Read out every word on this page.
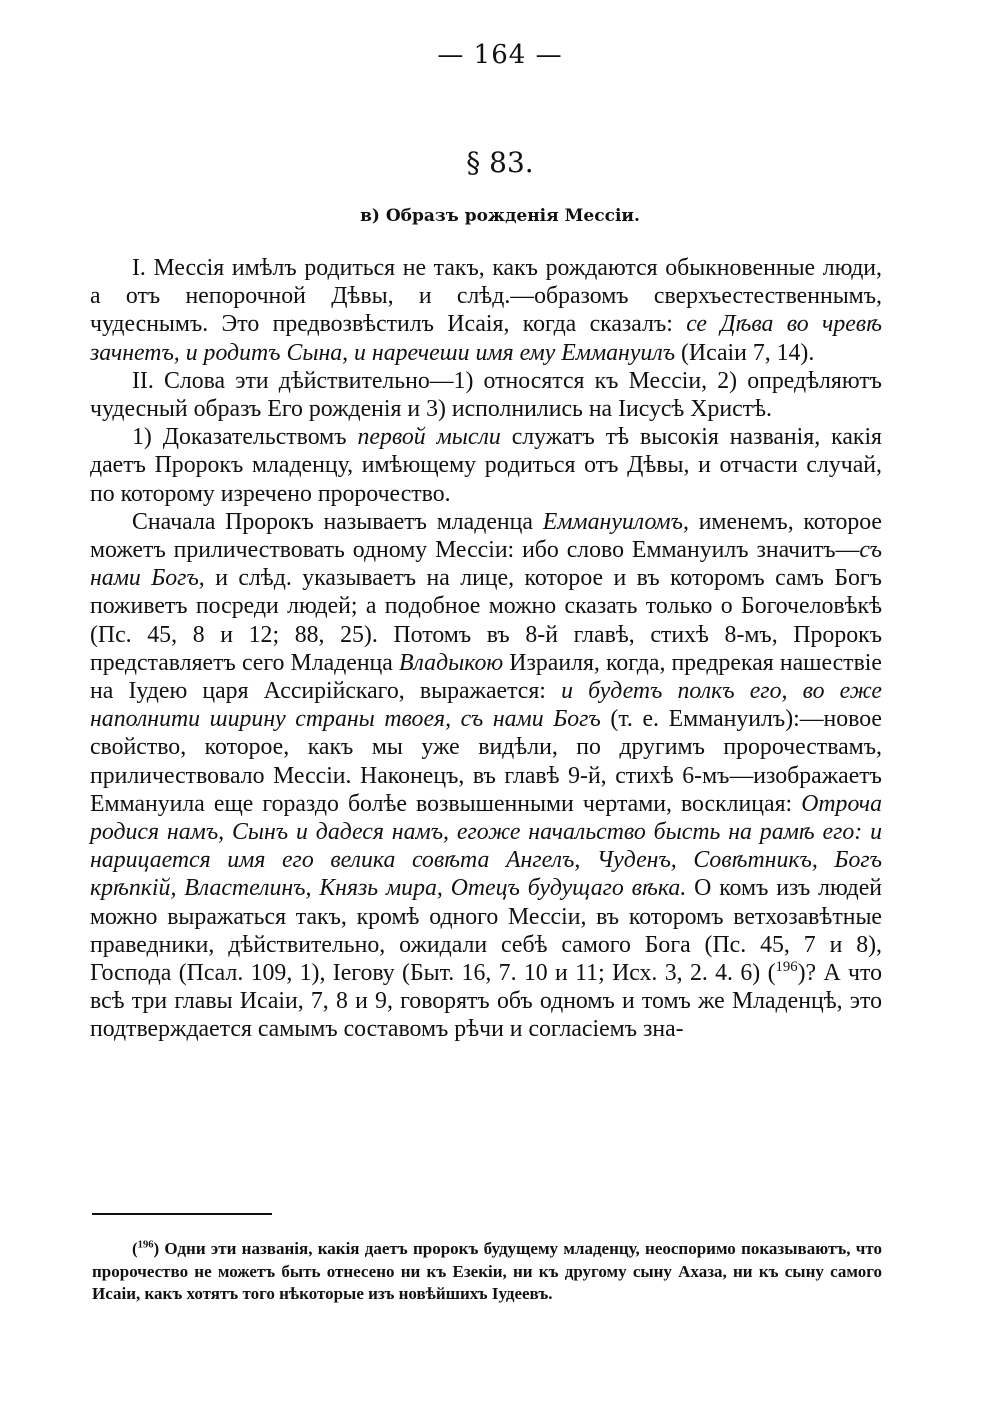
— 164 —
§ 83.
в) Образъ рожденія Мессіи.

I. Мессія имѣлъ родиться не такъ, какъ рождаются обыкновенные люди, а отъ непорочной Дѣвы, и слѣд.—образомъ сверхъестественнымъ, чудеснымъ. Это предвозвѣстилъ Исаія, когда сказалъ: се Дѣва во чревѣ зачнетъ, и родитъ Сына, и наречеши имя ему Еммануилъ (Исаіи 7, 14).

II. Слова эти дѣйствительно—1) относятся къ Мессіи, 2) опредѣляютъ чудесный образъ Его рожденія и 3) исполнились на Іисусѣ Христѣ.

1) Доказательствомъ первой мысли служатъ тѣ высокія названія, какія даетъ Пророкъ младенцу, имѣющему родиться отъ Дѣвы, и отчасти случай, по которому изречено пророчество.

Сначала Пророкъ называетъ младенца Еммануиломъ, именемъ, которое можетъ приличествовать одному Мессіи: ибо слово Еммануилъ значитъ—съ нами Богъ, и слѣд. указываетъ на лице, которое и въ которомъ самъ Богъ поживетъ посреди людей; а подобное можно сказать только о Богочеловѣкѣ (Пс. 45, 8 и 12; 88, 25). Потомъ въ 8-й главѣ, стихѣ 8-мъ, Пророкъ представляетъ сего Младенца Владыкою Израиля, когда, предрекая нашествіе на Іудею царя Ассирійскаго, выражается: и будетъ полкъ его, во еже наполнити ширину страны твоея, съ нами Богъ (т. е. Еммануилъ):—новое свойство, которое, какъ мы уже видѣли, по другимъ пророчествамъ, приличествовало Мессіи. Наконецъ, въ главѣ 9-й, стихѣ 6-мъ—изображаетъ Еммануила еще гораздо болѣе возвышенными чертами, восклицая: Отроча родися намъ, Сынъ и дадеся намъ, егоже начальство бысть на рамѣ его: и нарицается имя его велика совѣта Ангелъ, Чуденъ, Совѣтникъ, Богъ крѣпкій, Властелинъ, Князь мира, Отецъ будущаго вѣка. О комъ изъ людей можно выражаться такъ, кромѣ одного Мессіи, въ которомъ ветхозавѣтные праведники, дѣйствительно, ожидали себѣ самого Бога (Пс. 45, 7 и 8), Господа (Псал. 109, 1), Іегову (Быт. 16, 7. 10 и 11; Исх. 3, 2. 4. 6) ($^{196}$)? А что всѣ три главы Исаіи, 7, 8 и 9, говорятъ объ одномъ и томъ же Младенцѣ, это подтверждается самымъ составомъ рѣчи и согласіемъ зна-

($^{196}$) Одни эти названія, какія даетъ пророкъ будущему младенцу, неоспоримо показываютъ, что пророчество не можетъ быть отнесено ни къ Езекіи, ни къ другому сыну Ахаза, ни къ сыну самого Исаіи, какъ хотятъ того нѣкоторые изъ новѣйшихъ Іудеевъ.
